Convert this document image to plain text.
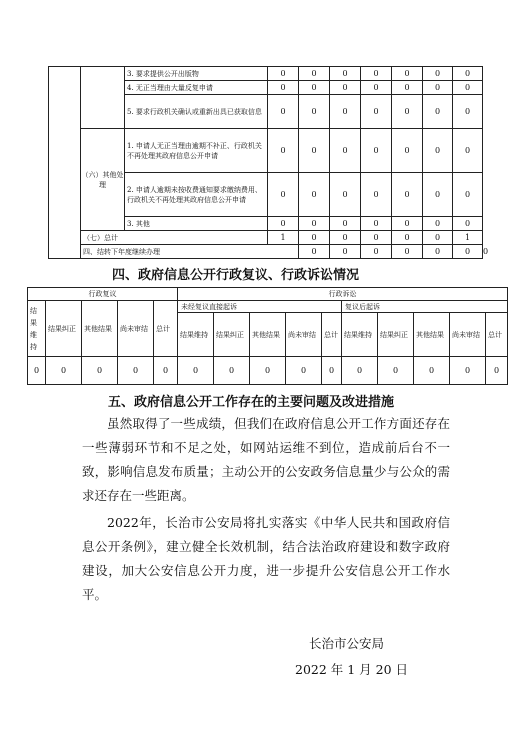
		3. 要求提供公开出版物	0	0	0	0	0	0	0	
		4. 无正当理由大量反复申请	0	0	0	0	0	0	0	
		5. 要求行政机关确认或重新出具已获取信息	0	0	0	0	0	0	0	
	（六）其他处理	1. 申请人无正当理由逾期不补正、行政机关不再处理其政府信息公开申请	0	0	0	0	0	0	0	
		2. 申请人逾期未按收费通知要求缴纳费用、行政机关不再处理其政府信息公开申请	0	0	0	0	0	0	0	
		3. 其他	0	0	0	0	0	0	0	
	（七）总计		1	0	0	0	0	0	1	
	四、结转下年度继续办理			0	0	0	0	0	0	0
四、政府信息公开行政复议、行政诉讼情况
行政复议					行政诉讼									
结果维持	结果纠正	其他结果	尚未审结	总计	未经复议直接起诉					复议后起诉				
					结果维持	结果纠正	其他结果	尚未审结	总计	结果维持	结果纠正	其他结果	尚未审结	总计
0	0	0	0	0	0	0	0	0	0	0	0	0	0	0
五、政府信息公开工作存在的主要问题及改进措施

虽然取得了一些成绩，但我们在政府信息公开工作方面还存在一些薄弱环节和不足之处，如网站运维不到位，造成前后台不一致，影响信息发布质量；主动公开的公安政务信息量少与公众的需求还存在一些距离。

2022年，长治市公安局将扎实落实《中华人民共和国政府信息公开条例》，建立健全长效机制，结合法治政府建设和数字政府建设，加大公安信息公开力度，进一步提升公安信息公开工作水平。

长治市公安局

2022 年 1 月 20 日
